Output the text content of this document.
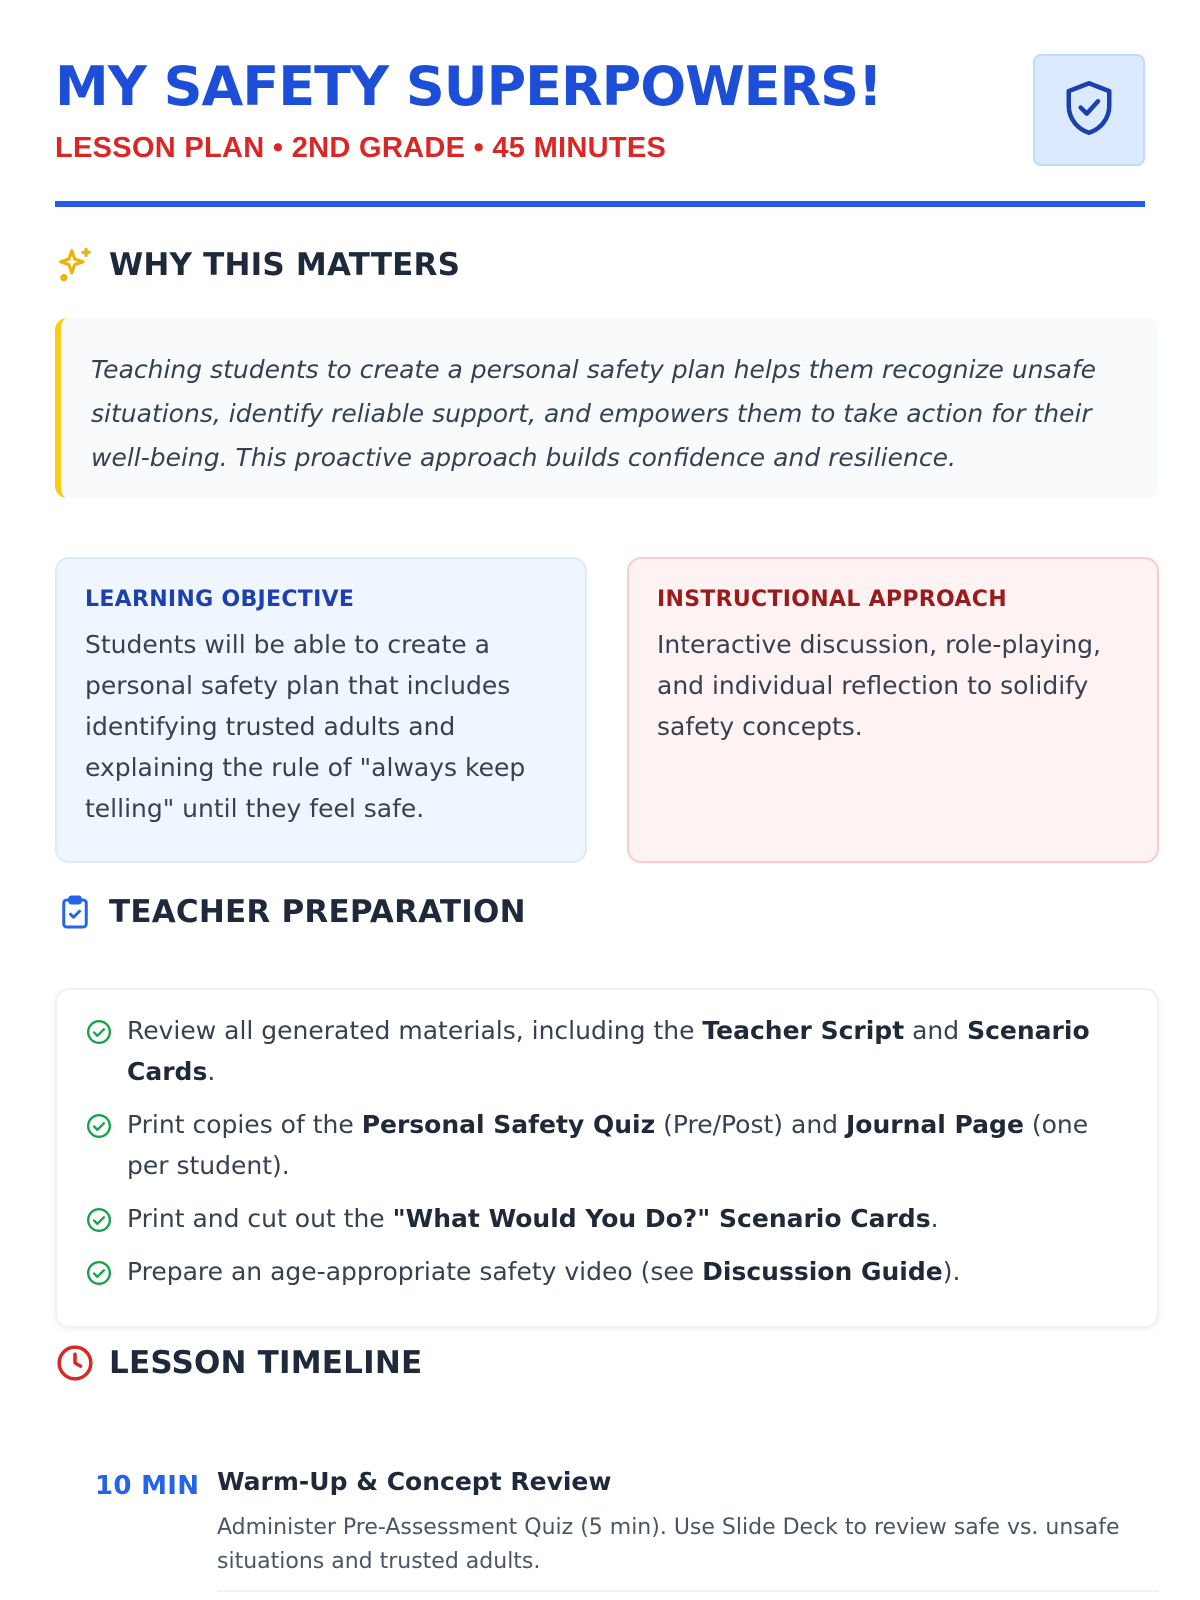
MY SAFETY SUPERPOWERS!
LESSON PLAN • 2ND GRADE • 45 MINUTES
WHY THIS MATTERS
Teaching students to create a personal safety plan helps them recognize unsafe situations, identify reliable support, and empowers them to take action for their well-being. This proactive approach builds confidence and resilience.
LEARNING OBJECTIVE
Students will be able to create a personal safety plan that includes identifying trusted adults and explaining the rule of "always keep telling" until they feel safe.
INSTRUCTIONAL APPROACH
Interactive discussion, role-playing, and individual reflection to solidify safety concepts.
TEACHER PREPARATION
Review all generated materials, including the Teacher Script and Scenario Cards.
Print copies of the Personal Safety Quiz (Pre/Post) and Journal Page (one per student).
Print and cut out the "What Would You Do?" Scenario Cards.
Prepare an age-appropriate safety video (see Discussion Guide).
LESSON TIMELINE
10 MIN Warm-Up & Concept Review
Administer Pre-Assessment Quiz (5 min). Use Slide Deck to review safe vs. unsafe situations and trusted adults.
